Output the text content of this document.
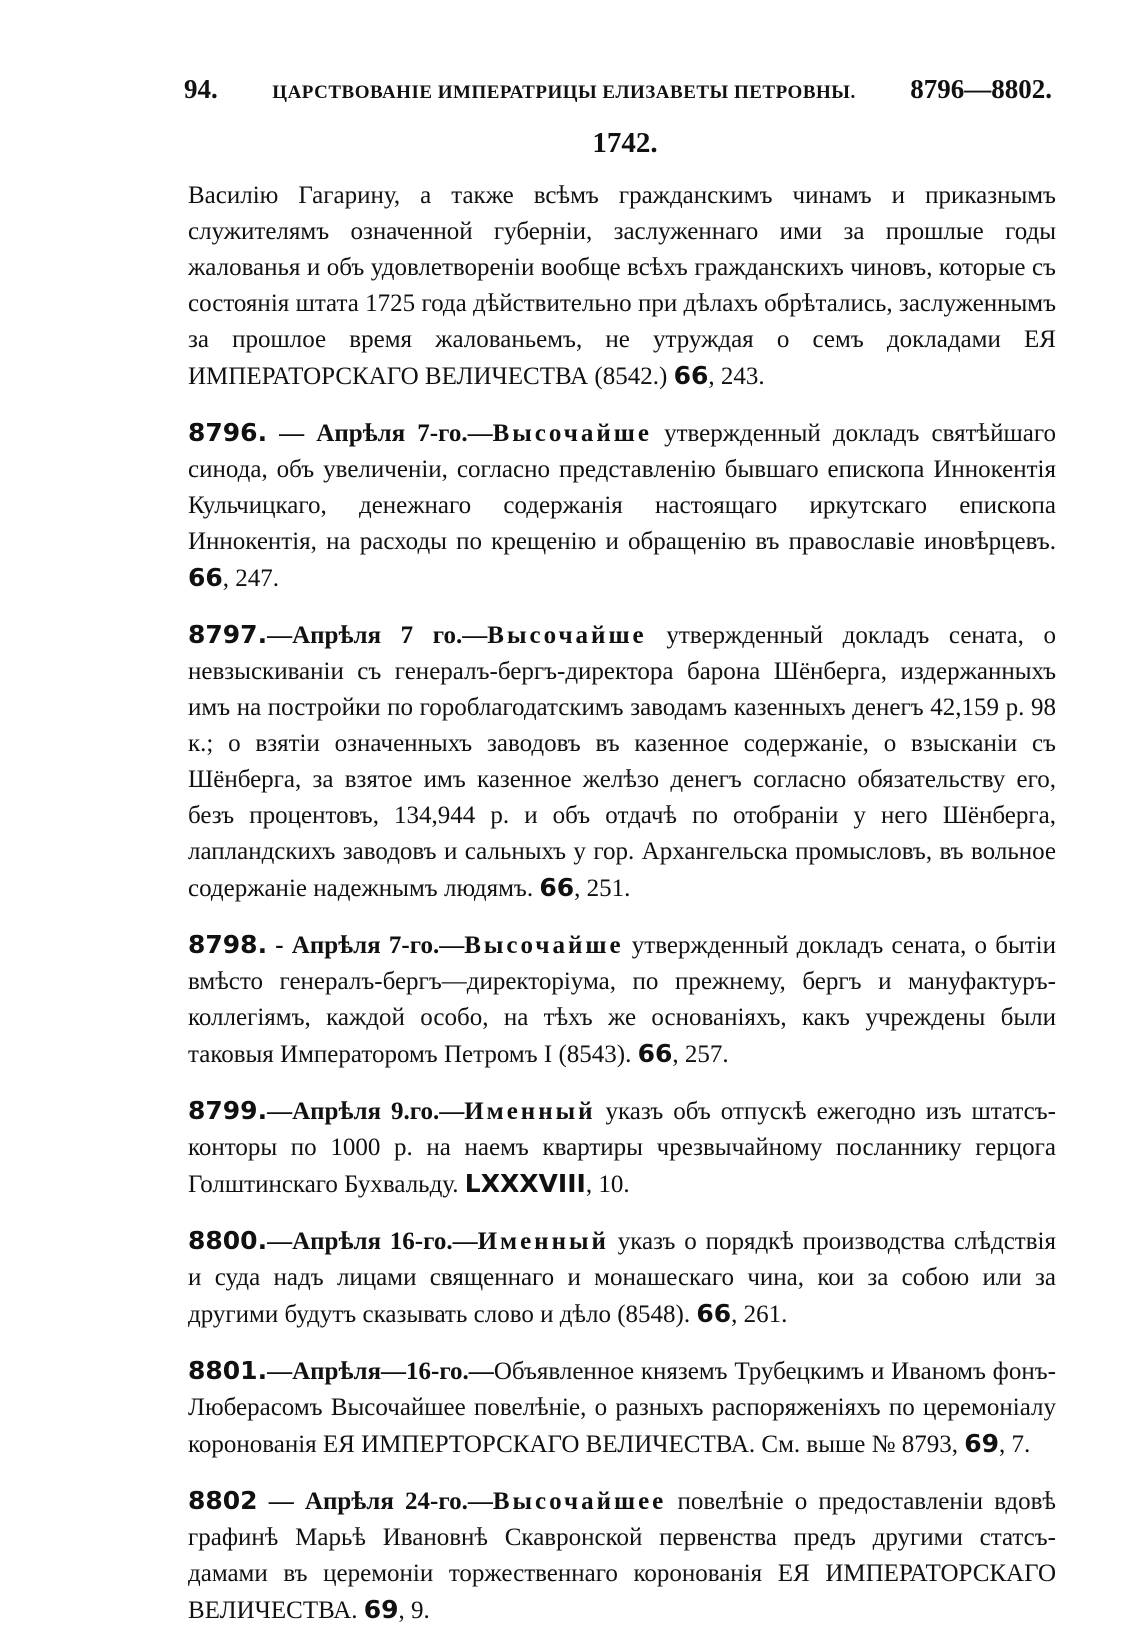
94.	ЦАРСТВОВАНІЕ ИМПЕРАТРИЦЫ ЕЛИЗАВЕТЫ ПЕТРОВНЫ. 8796—8802.
1742.
Василію Гагарину, а также всѣмъ гражданскимъ чинамъ и приказнымъ служителямъ означенной губерніи, заслуженнаго ими за прошлые годы жалованья и объ удовлетвореніи вообще всѣхъ гражданскихъ чиновъ, которые съ состоянія штата 1725 года дѣйствительно при дѣлахъ обрѣтались, заслуженнымъ за прошлое время жалованьемъ, не утруждая о семъ докладами ЕЯ ИМПЕРАТОРСКАГО ВЕЛИЧЕСТВА (8542.) 66, 243.
8796. — Апрѣля 7-го.—Высочайше утвержденный докладъ святѣйшаго синода, объ увеличеніи, согласно представленію бывшаго епископа Иннокентія Кульчицкаго, денежнаго содержанія настоящаго иркутскаго епископа Иннокентія, на расходы по крещенію и обращенію въ православіе иновѣрцевъ. 66, 247.
8797.—Апрѣля 7 го.—Высочайше утвержденный докладъ сената, о невзыскиваніи съ генералъ-бергъ-директора барона Шёнберга, издержанныхъ имъ на постройки по гороблагодатскимъ заводамъ казенныхъ денегъ 42,159 р. 98 к.; о взятіи означенныхъ заводовъ въ казенное содержаніе, о взысканіи съ Шёнберга, за взятое имъ казенное желѣзо денегъ согласно обязательству его, безъ процентовъ, 134,944 р. и объ отдачѣ по отобраніи у него Шёнберга, лапландскихъ заводовъ и сальныхъ у гор. Архангельска промысловъ, въ вольное содержаніе надежнымъ людямъ. 66, 251.
8798. - Апрѣля 7-го.—Высочайше утвержденный докладъ сената, о бытіи вмѣсто генералъ-бергъ—директоріума, по прежнему, бергъ и мануфактуръ-коллегіямъ, каждой особо, на тѣхъ же основаніяхъ, какъ учреждены были таковыя Императоромъ Петромъ I (8543). 66, 257.
8799.—Апрѣля 9.го.—Именный указъ объ отпускѣ ежегодно изъ штатсъ-конторы по 1000 р. на наемъ квартиры чрезвычайному посланнику герцога Голштинскаго Бухвальду. LXXXVIII, 10.
8800.—Апрѣля 16-го.—Именный указъ о порядкѣ производства слѣдствія и суда надъ лицами священнаго и монашескаго чина, кои за собою или за другими будутъ сказывать слово и дѣло (8548). 66, 261.
8801.—Апрѣля—16-го.—Объявленное княземъ Трубецкимъ и Иваномъ фонъ-Люберасомъ Высочайшее повелѣніе, о разныхъ распоряженіяхъ по церемоніалу коронованія ЕЯ ИМПЕРТОРСКАГО ВЕЛИЧЕСТВА. См. выше № 8793, 69, 7.
8802 — Апрѣля 24-го.—Высочайшее повелѣніе о предоставленіи вдовѣ графинѣ Марьѣ Ивановнѣ Скавронской первенства предъ другими статсъ-дамами въ церемоніи торжественнаго коронованія ЕЯ ИМПЕРАТОРСКАГО ВЕЛИЧЕСТВА. 69, 9.
